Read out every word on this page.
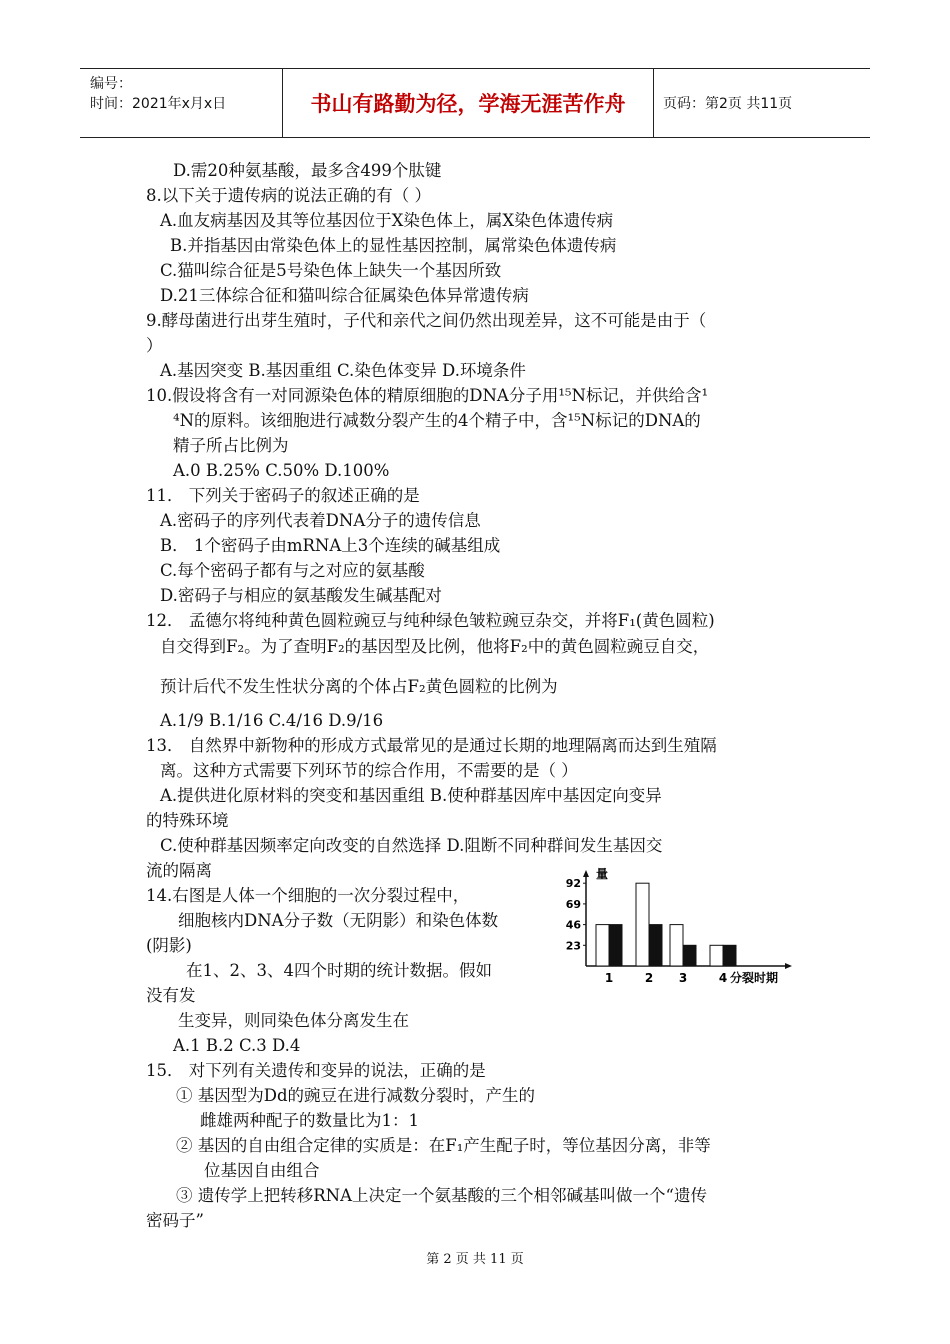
编号：
时间：2021年x月x日	书山有路勤为径，学海无涯苦作舟	页码：第2页 共11页
D.需20种氨基酸，最多含499个肽键
8.以下关于遗传病的说法正确的有（ ）
A.血友病基因及其等位基因位于X染色体上，属X染色体遗传病
B.并指基因由常染色体上的显性基因控制，属常染色体遗传病
C.猫叫综合征是5号染色体上缺失一个基因所致
D.21三体综合征和猫叫综合征属染色体异常遗传病
9.酵母菌进行出芽生殖时，子代和亲代之间仍然出现差异，这不可能是由于（
）
A.基因突变 B.基因重组 C.染色体变异 D.环境条件
10.假设将含有一对同源染色体的精原细胞的DNA分子用¹⁵N标记，并供给含¹
⁴N的原料。该细胞进行减数分裂产生的4个精子中，含¹⁵N标记的DNA的
精子所占比例为
A.0 B.25% C.50% D.100%
11． 下列关于密码子的叙述正确的是
A.密码子的序列代表着DNA分子的遗传信息
B． 1个密码子由mRNA上3个连续的碱基组成
C.每个密码子都有与之对应的氨基酸
D.密码子与相应的氨基酸发生碱基配对
12． 孟德尔将纯种黄色圆粒豌豆与纯种绿色皱粒豌豆杂交，并将F₁(黄色圆粒)
自交得到F₂。为了查明F₂的基因型及比例，他将F₂中的黄色圆粒豌豆自交，
预计后代不发生性状分离的个体占F₂黄色圆粒的比例为
A.1/9 B.1/16 C.4/16 D.9/16
13． 自然界中新物种的形成方式最常见的是通过长期的地理隔离而达到生殖隔
离。这种方式需要下列环节的综合作用，不需要的是（ ）
A.提供进化原材料的突变和基因重组 B.使种群基因库中基因定向变异
的特殊环境
C.使种群基因频率定向改变的自然选择 D.阻断不同种群间发生基因交
流的隔离
14.右图是人体一个细胞的一次分裂过程中，
细胞核内DNA分子数（无阴影）和染色体数
(阴影)
在1、2、3、4四个时期的统计数据。假如
没有发
生变异，则同染色体分离发生在
A.1 B.2 C.3 D.4
15． 对下列有关遗传和变异的说法，正确的是
① 基因型为Dd的豌豆在进行减数分裂时，产生的
雌雄两种配子的数量比为1：1
② 基因的自由组合定律的实质是：在F₁产生配子时，等位基因分离，非等
位基因自由组合
③ 遗传学上把转移RNA上决定一个氨基酸的三个相邻碱基叫做一个“遗传
密码子”
量
23
46
69
92
1	2 3	4 分裂时期
第 2 页 共 11 页
